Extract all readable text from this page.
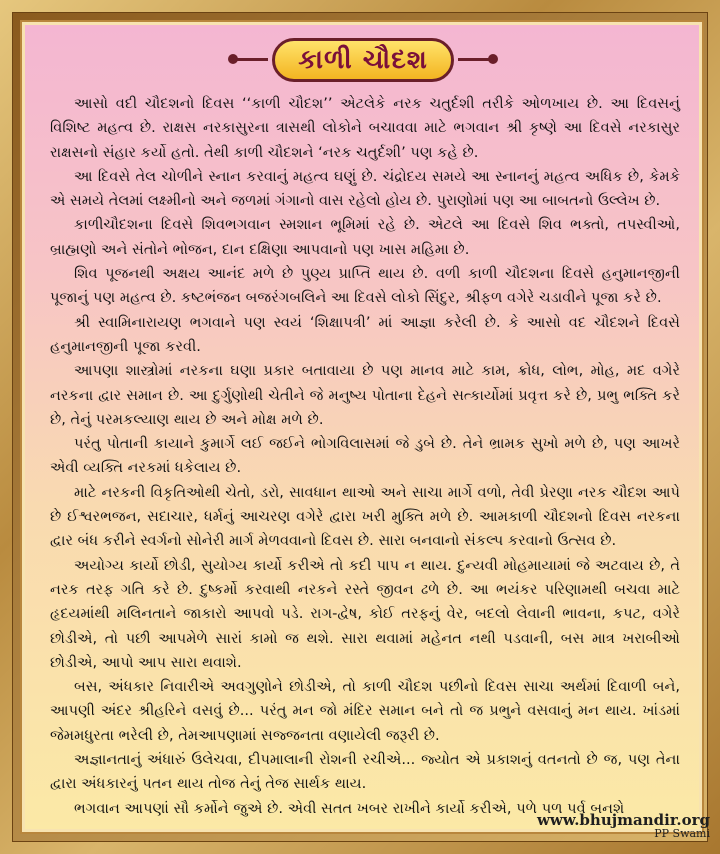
કાળી ચૌદશ

આસો વદી ચૌદશનો દિવસ ‘‘કાળી ચૌદશ’’ એટલેકે નરક ચતુર્દશી તરીકે ઓળખાય છે. આ દિવસનું વિશિષ્ટ મહત્વ છે. રાક્ષસ નરકાસુરના ત્રાસથી લોકોને બચાવવા માટે ભગવાન શ્રી કૃષ્ણે આ દિવસે નરકાસુર રાક્ષસનો સંહાર કર્યો હતો. તેથી કાળી ચૌદશને ‘નરક ચતુર્દશી’ પણ કહે છે.

આ દિવસે તેલ ચોળીને સ્નાન કરવાનું મહત્વ ઘણું છે. ચંદ્રોદય સમયે આ સ્નાનનું મહત્વ અધિક છે, કેમકે એ સમયે તેલમાં લક્ષ્મીનો અને જળમાં ગંગાનો વાસ રહેલો હોય છે. પુરાણોમાં પણ આ બાબતનો ઉલ્લેખ છે.

કાળીચૌદશના દિવસે શિવભગવાન સ્મશાન ભૂમિમાં રહે છે. એટલે આ દિવસે શિવ ભક્તો, તપસ્વીઓ, બ્રાહ્મણો અને સંતોને ભોજન, દાન દક્ષિણા આપવાનો પણ ખાસ મહિમા છે.

શિવ પૂજનથી અક્ષય આનંદ મળે છે પુણ્ય પ્રાપ્તિ થાય છે. વળી કાળી ચૌદશના દિવસે હનુમાનજીની પૂજાનું પણ મહત્વ છે. કષ્ટભંજન બજરંગબલિને આ દિવસે લોકો સિંદુર, શ્રીફળ વગેરે ચડાવીને પૂજા કરે છે.

શ્રી સ્વામિનારાયણ ભગવાને પણ સ્વયં ‘શિક્ષાપત્રી’ માં આજ્ઞા કરેલી છે. કે આસો વદ ચૌદશને દિવસે હનુમાનજીની પૂજા કરવી.

આપણા શાસ્ત્રોમાં નરકના ઘણા પ્રકાર બતાવાયા છે પણ માનવ માટે કામ, ક્રોધ, લોભ, મોહ, મદ વગેરે નરકના દ્વાર સમાન છે. આ દુર્ગુણોથી ચેતીને જે મનુષ્ય પોતાના દેહને સત્કાર્યોમાં પ્રવૃત્ત કરે છે, પ્રભુ ભક્તિ કરે છે, તેનું પરમકલ્યાણ થાય છે અને મોક્ષ મળે છે.

પરંતુ પોતાની કાયાને કુમાર્ગે લઈ જઈને ભોગવિલાસમાં જે ડુબે છે. તેને ભ્રામક સુખો મળે છે, પણ આખરે એવી વ્યક્તિ નરકમાં ધકેલાય છે.

માટે નરકની વિકૃતિઓથી ચેતો, ડરો, સાવધાન થાઓ અને સાચા માર્ગે વળો, તેવી પ્રેરણા નરક ચૌદશ આપે છે ઈશ્વરભજન, સદાચાર, ધર્મનું આચરણ વગેરે દ્વારા ખરી મુક્તિ મળે છે. આમકાળી ચૌદશનો દિવસ નરકના દ્વાર બંધ કરીને સ્વર્ગનો સોનેરી માર્ગ મેળવવાનો દિવસ છે. સારા બનવાનો સંકલ્પ કરવાનો ઉત્સવ છે.

અયોગ્ય કાર્યો છોડી, સુયોગ્ય કાર્યો કરીએ તો કદી પાપ ન થાય. દુન્યવી મોહમાયામાં જે અટવાય છે, તે નરક તરફ ગતિ કરે છે. દુષ્કર્મો કરવાથી નરકને રસ્તે જીવન ઢળે છે. આ ભયંકર પરિણામથી બચવા માટે હૃદયમાંથી મલિનતાને જાકારો આપવો પડે. રાગ-દ્વેષ, કોઈ તરફનું વેર, બદલો લેવાની ભાવના, કપટ, વગેરે છોડીએ, તો પછી આપમેળે સારાં કામો જ થશે. સારા થવામાં મહેનત નથી પડવાની, બસ માત્ર ખરાબીઓ છોડીએ, આપો આપ સારા થવાશે.

બસ, અંધકાર નિવારીએ અવગુણોને છોડીએ, તો કાળી ચૌદશ પછીનો દિવસ સાચા અર્થમાં દિવાળી બને, આપણી અંદર શ્રીહરિને વસવું છે... પરંતુ મન જો મંદિર સમાન બને તો જ પ્રભુને વસવાનું મન થાય. ખાંડમાં જેમમધુરતા ભરેલી છે, તેમઆપણામાં સજ્જનતા વણાયેલી જરૂરી છે.

અજ્ઞાનતાનું અંધારું ઉલેચવા, દીપમાલાની રોશની રચીએ... જ્યોત એ પ્રકાશનું વતનતો છે જ, પણ તેના દ્વારા અંધકારનું પતન થાય તોજ તેનું તેજ સાર્થક થાય.

ભગવાન આપણાં સૌ કર્મોને જુએ છે. એવી સતત ખબર રાખીને કાર્યો કરીએ, પળે પળ પર્વ બનશે

www.bhujmandir.org
PP Swami
